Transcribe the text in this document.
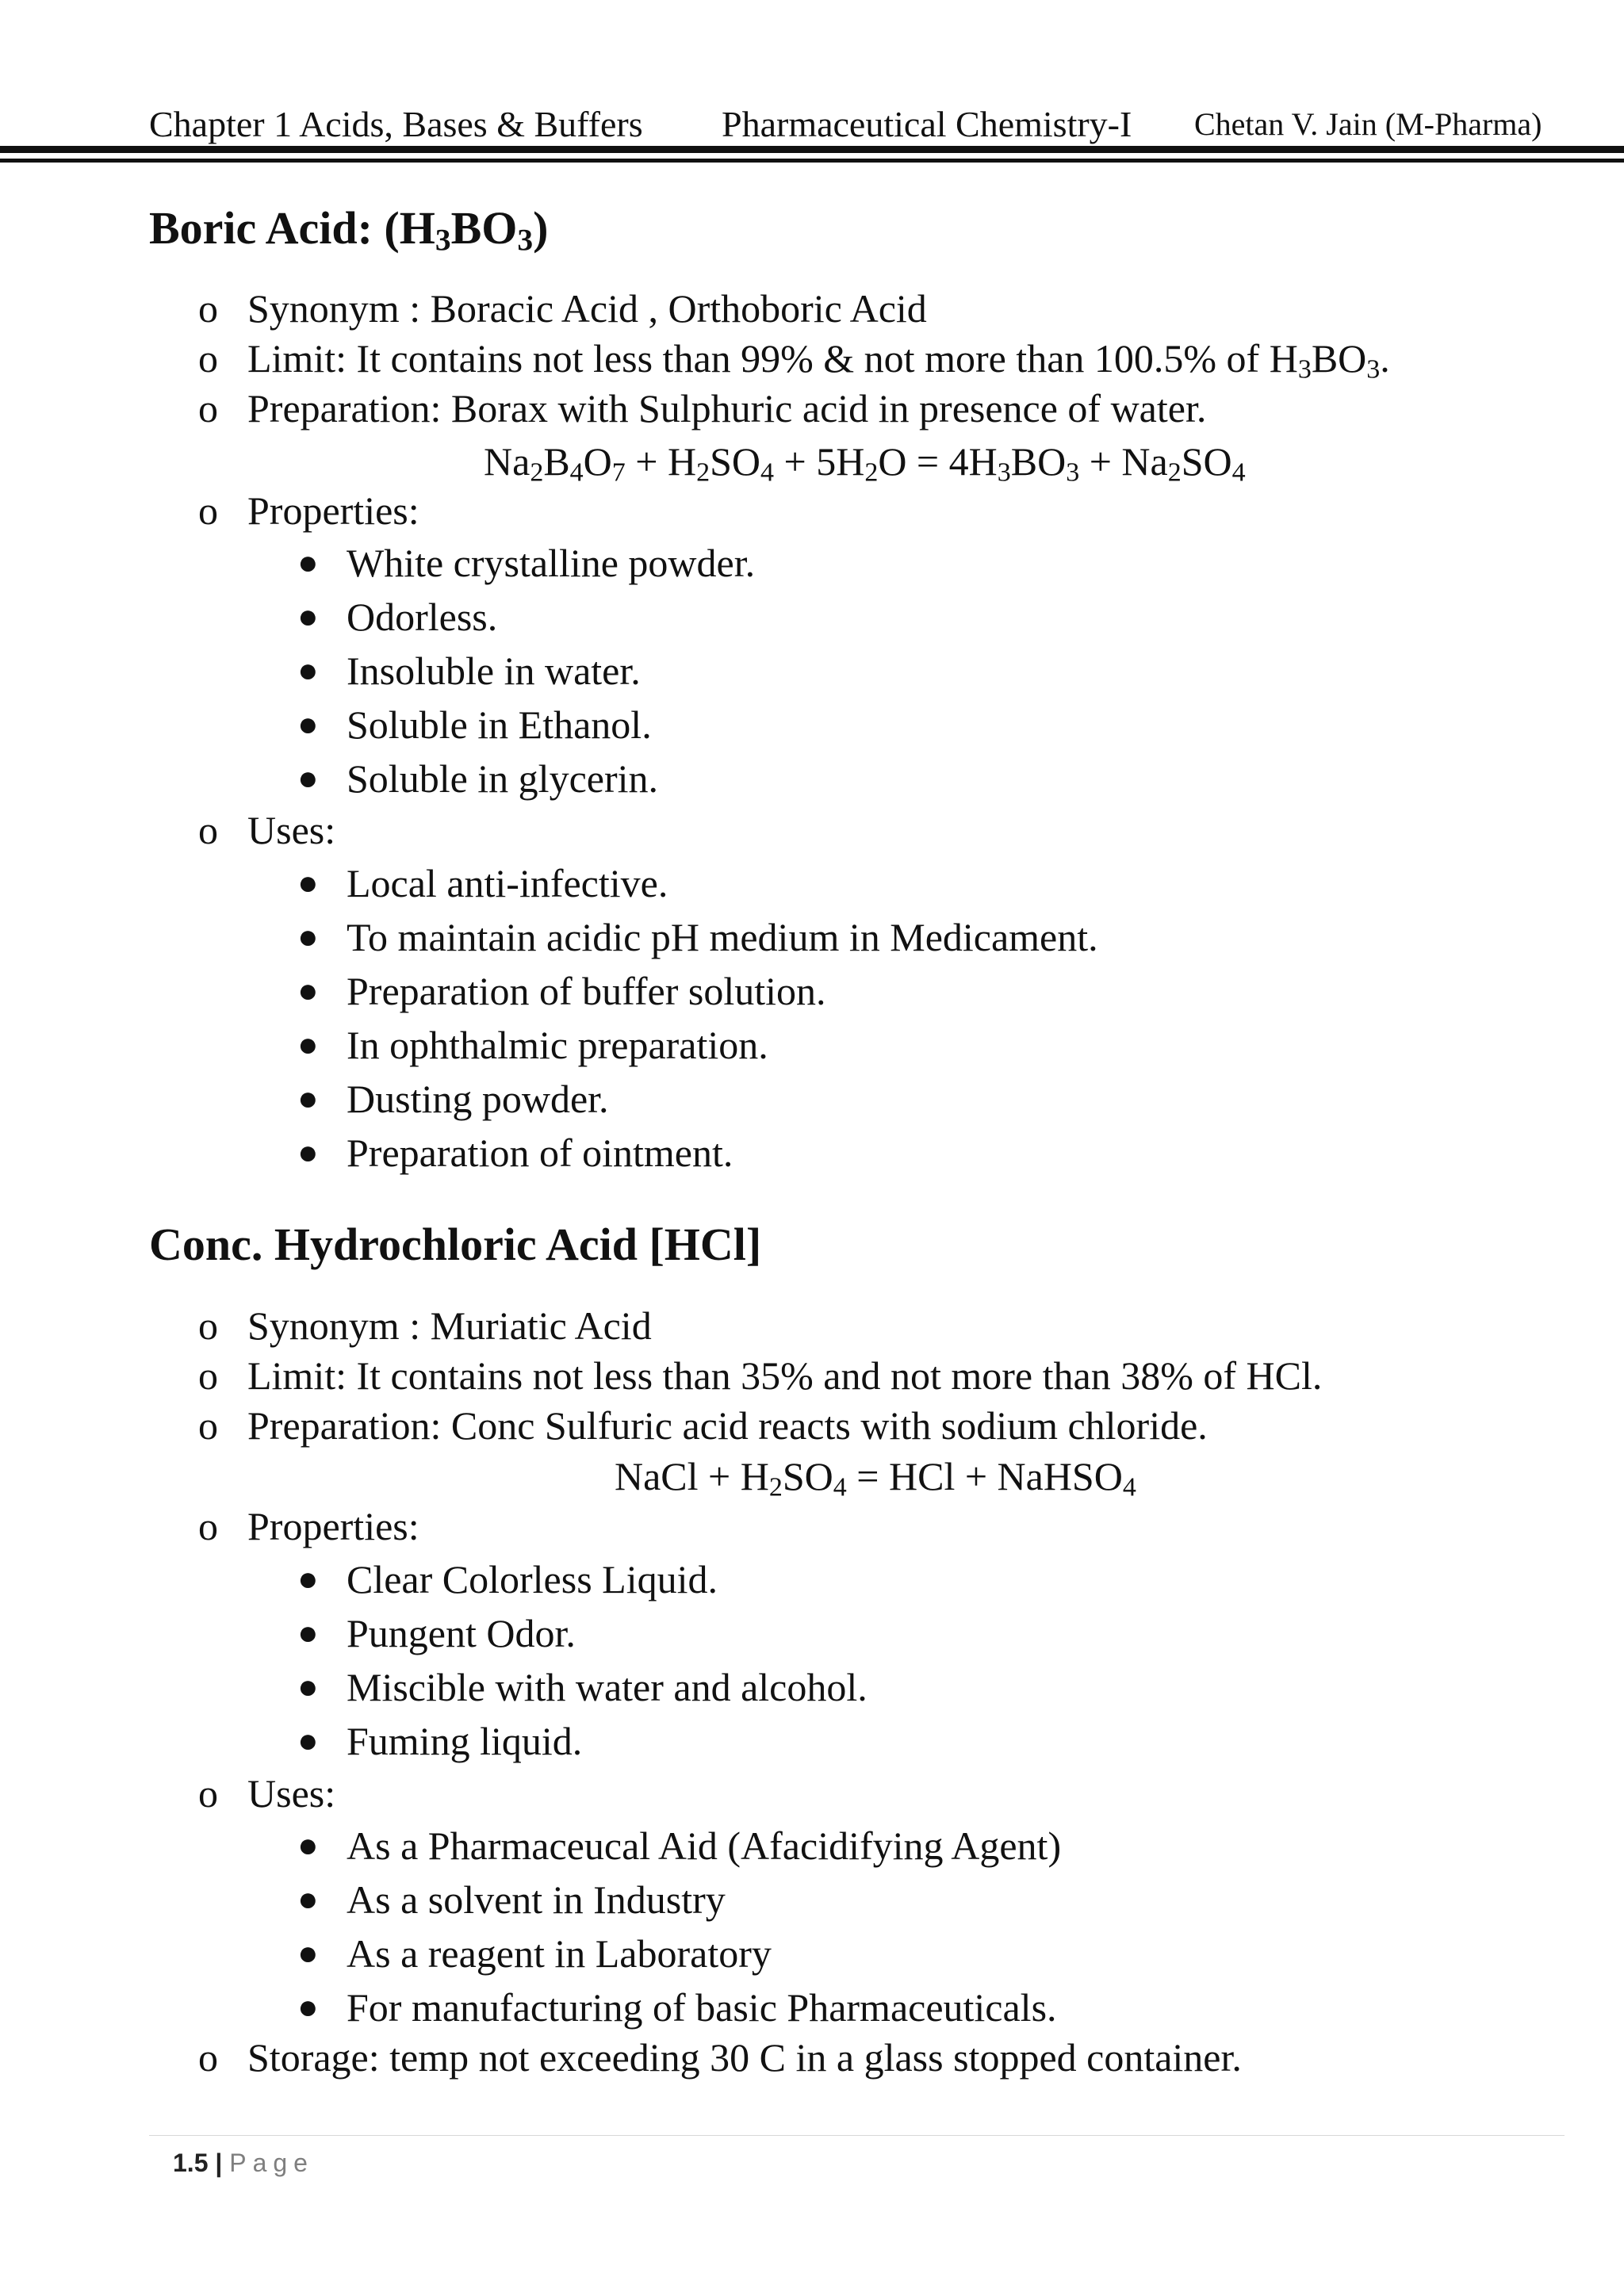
Chapter 1 Acids, Bases & Buffers Pharmaceutical Chemistry-I Chetan V. Jain (M-Pharma)
Boric Acid: $(H_3BO_3)$
o Synonym : Boracic Acid , Orthoboric Acid
o Limit: It contains not less than 99% & not more than 100.5% of $H_3BO_3$.
o Preparation: Borax with Sulphuric acid in presence of water.
$Na_2B_4O_7 + H_2SO_4 + 5H_2O = 4H_3BO_3 + Na_2SO_4$
o Properties:
● White crystalline powder.
● Odorless.
● Insoluble in water.
● Soluble in Ethanol.
● Soluble in glycerin.
o Uses:
● Local anti-infective.
● To maintain acidic pH medium in Medicament.
● Preparation of buffer solution.
● In ophthalmic preparation.
● Dusting powder.
● Preparation of ointment.
Conc. Hydrochloric Acid [HCl]
o Synonym : Muriatic Acid
o Limit: It contains not less than 35% and not more than 38% of HCl.
o Preparation: Conc Sulfuric acid reacts with sodium chloride.
NaCl + $H_2SO_4$ = HCl + NaHSO$_4$
o Properties:
● Clear Colorless Liquid.
● Pungent Odor.
● Miscible with water and alcohol.
● Fuming liquid.
o Uses:
● As a Pharmaceucal Aid (Afacidifying Agent)
● As a solvent in Industry
● As a reagent in Laboratory
● For manufacturing of basic Pharmaceuticals.
o Storage: temp not exceeding 30 C in a glass stopped container.
1.5 | Page
